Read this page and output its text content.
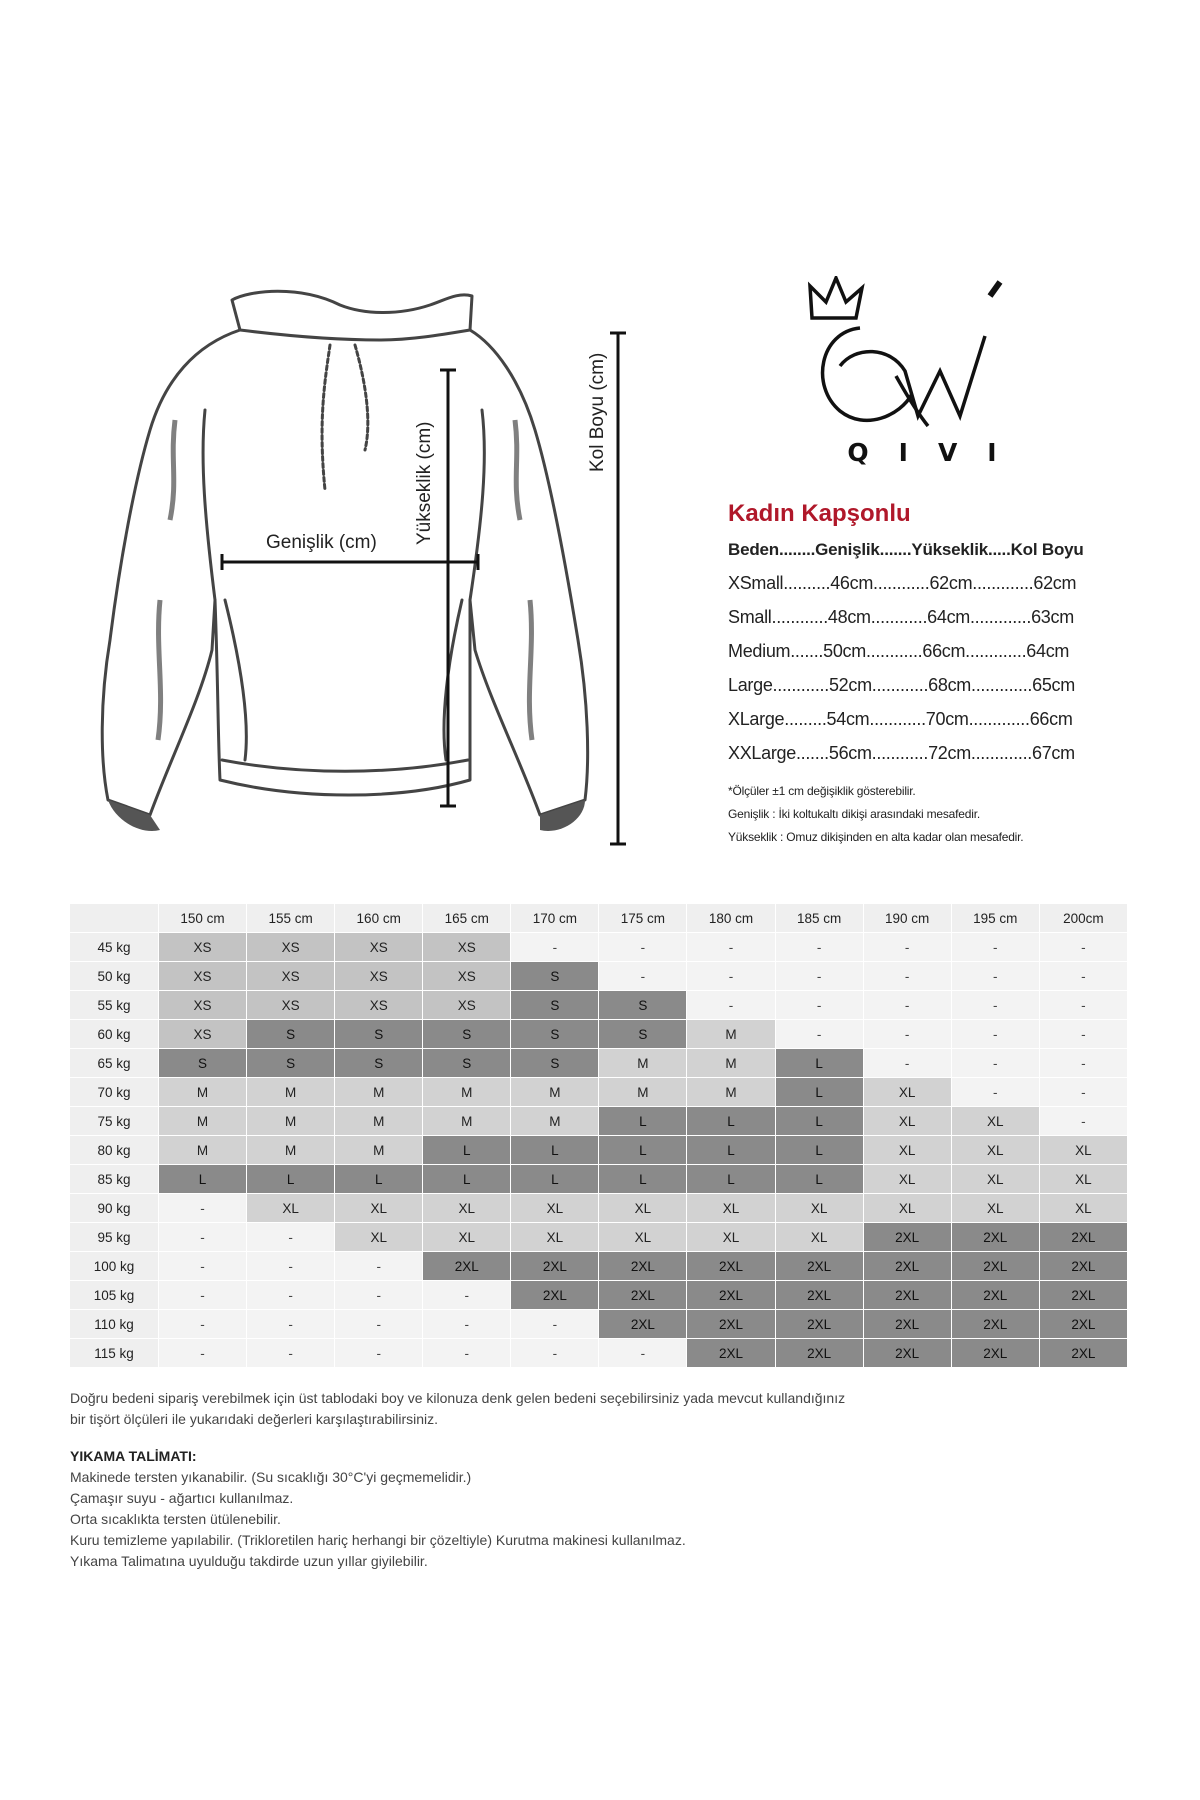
Genişlik (cm) Yükseklik (cm)
Kol Boyu (cm)	QIVI

Kadın Kapşonlu

Beden........Genişlik.......Yükseklik.....Kol Boyu

XSmall..........46cm............62cm.............62cm

Small............48cm............64cm.............63cm

Medium.......50cm............66cm.............64cm

Large............52cm............68cm.............65cm

XLarge.........54cm............70cm.............66cm

XXLarge.......56cm............72cm.............67cm

*Ölçüler ±1 cm değişiklik gösterebilir.

Genişlik : İki koltukaltı dikişi arasındaki mesafedir.

Yükseklik : Omuz dikişinden en alta kadar olan mesafedir.

	150 cm	155 cm	160 cm	165 cm	170 cm	175 cm	180 cm	185 cm	190 cm	195 cm	200cm
45 kg	XS	XS	XS	XS	-	-	-	-	-	-	-
50 kg	XS	XS	XS	XS	S	-	-	-	-	-	-
55 kg	XS	XS	XS	XS	S	S	-	-	-	-	-
60 kg	XS	S	S	S	S	S	M	-	-	-	-
65 kg	S	S	S	S	S	M	M	L	-	-	-
70 kg	M	M	M	M	M	M	M	L	XL	-	-
75 kg	M	M	M	M	M	L	L	L	XL	XL	-
80 kg	M	M	M	L	L	L	L	L	XL	XL	XL
85 kg	L	L	L	L	L	L	L	L	XL	XL	XL
90 kg	-	XL	XL	XL	XL	XL	XL	XL	XL	XL	XL
95 kg	-	-	XL	XL	XL	XL	XL	XL	2XL	2XL	2XL
100 kg	-	-	-	2XL	2XL	2XL	2XL	2XL	2XL	2XL	2XL
105 kg	-	-	-	-	2XL	2XL	2XL	2XL	2XL	2XL	2XL
110 kg	-	-	-	-	-	2XL	2XL	2XL	2XL	2XL	2XL
115 kg	-	-	-	-	-	-	2XL	2XL	2XL	2XL	2XL

Doğru bedeni sipariş verebilmek için üst tablodaki boy ve kilonuza denk gelen bedeni seçebilirsiniz yada mevcut kullandığınız

bir tişört ölçüleri ile yukarıdaki değerleri karşılaştırabilirsiniz.

YIKAMA TALİMATI:

Makinede tersten yıkanabilir. (Su sıcaklığı 30°C'yi geçmemelidir.)

Çamaşır suyu - ağartıcı kullanılmaz.

Orta sıcaklıkta tersten ütülenebilir.

Kuru temizleme yapılabilir. (Trikloretilen hariç herhangi bir çözeltiyle) Kurutma makinesi kullanılmaz.

Yıkama Talimatına uyulduğu takdirde uzun yıllar giyilebilir.
